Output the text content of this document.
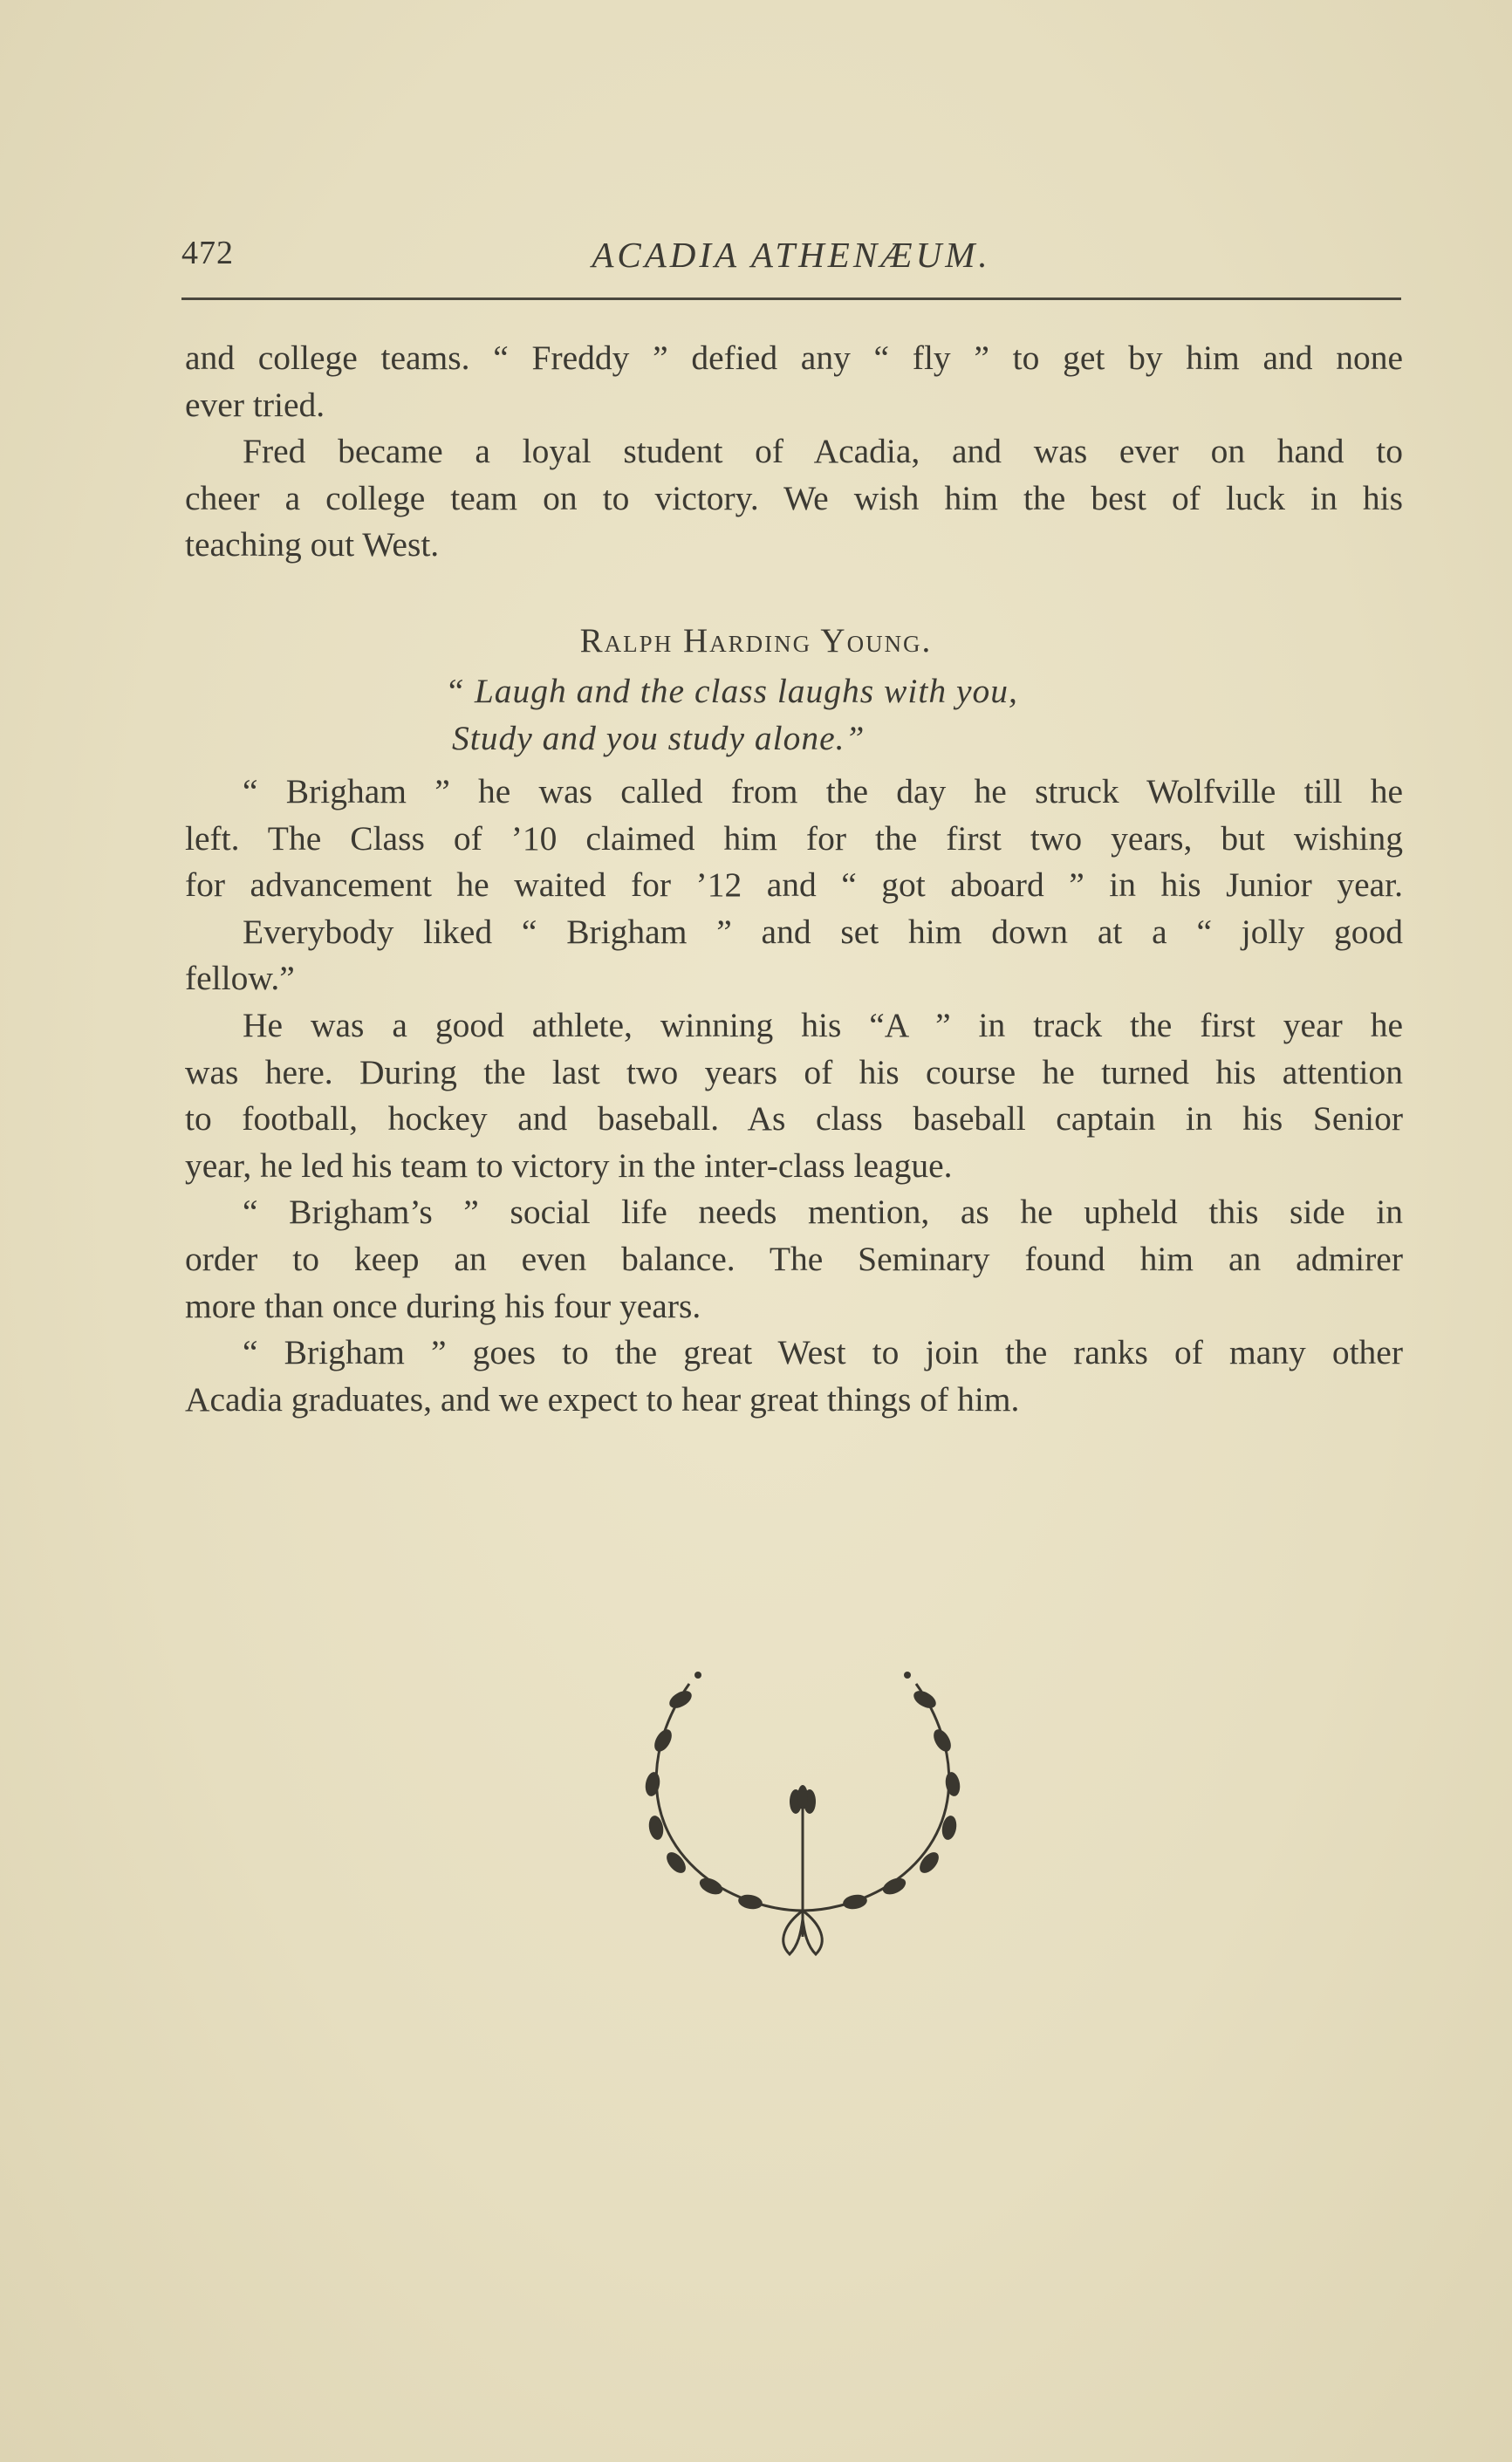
472	ACADIA ATHENÆUM.
and college teams. “ Freddy ” defied any “ fly ” to get by him and none
ever tried.
Fred became a loyal student of Acadia, and was ever on hand to
cheer a college team on to victory. We wish him the best of luck in his
teaching out West.
Ralph Harding Young.
“ Laugh and the class laughs with you,
Study and you study alone.”
“ Brigham ” he was called from the day he struck Wolfville till he
left. The Class of ’10 claimed him for the first two years, but wishing
for advancement he waited for ’12 and “ got aboard ” in his Junior year.
Everybody liked “ Brigham ” and set him down at a “ jolly good
fellow.”
He was a good athlete, winning his “A ” in track the first year he
was here. During the last two years of his course he turned his attention
to football, hockey and baseball. As class baseball captain in his Senior
year, he led his team to victory in the inter-class league.
“ Brigham’s ” social life needs mention, as he upheld this side in
order to keep an even balance. The Seminary found him an admirer
more than once during his four years.
“ Brigham ” goes to the great West to join the ranks of many other
Acadia graduates, and we expect to hear great things of him.
